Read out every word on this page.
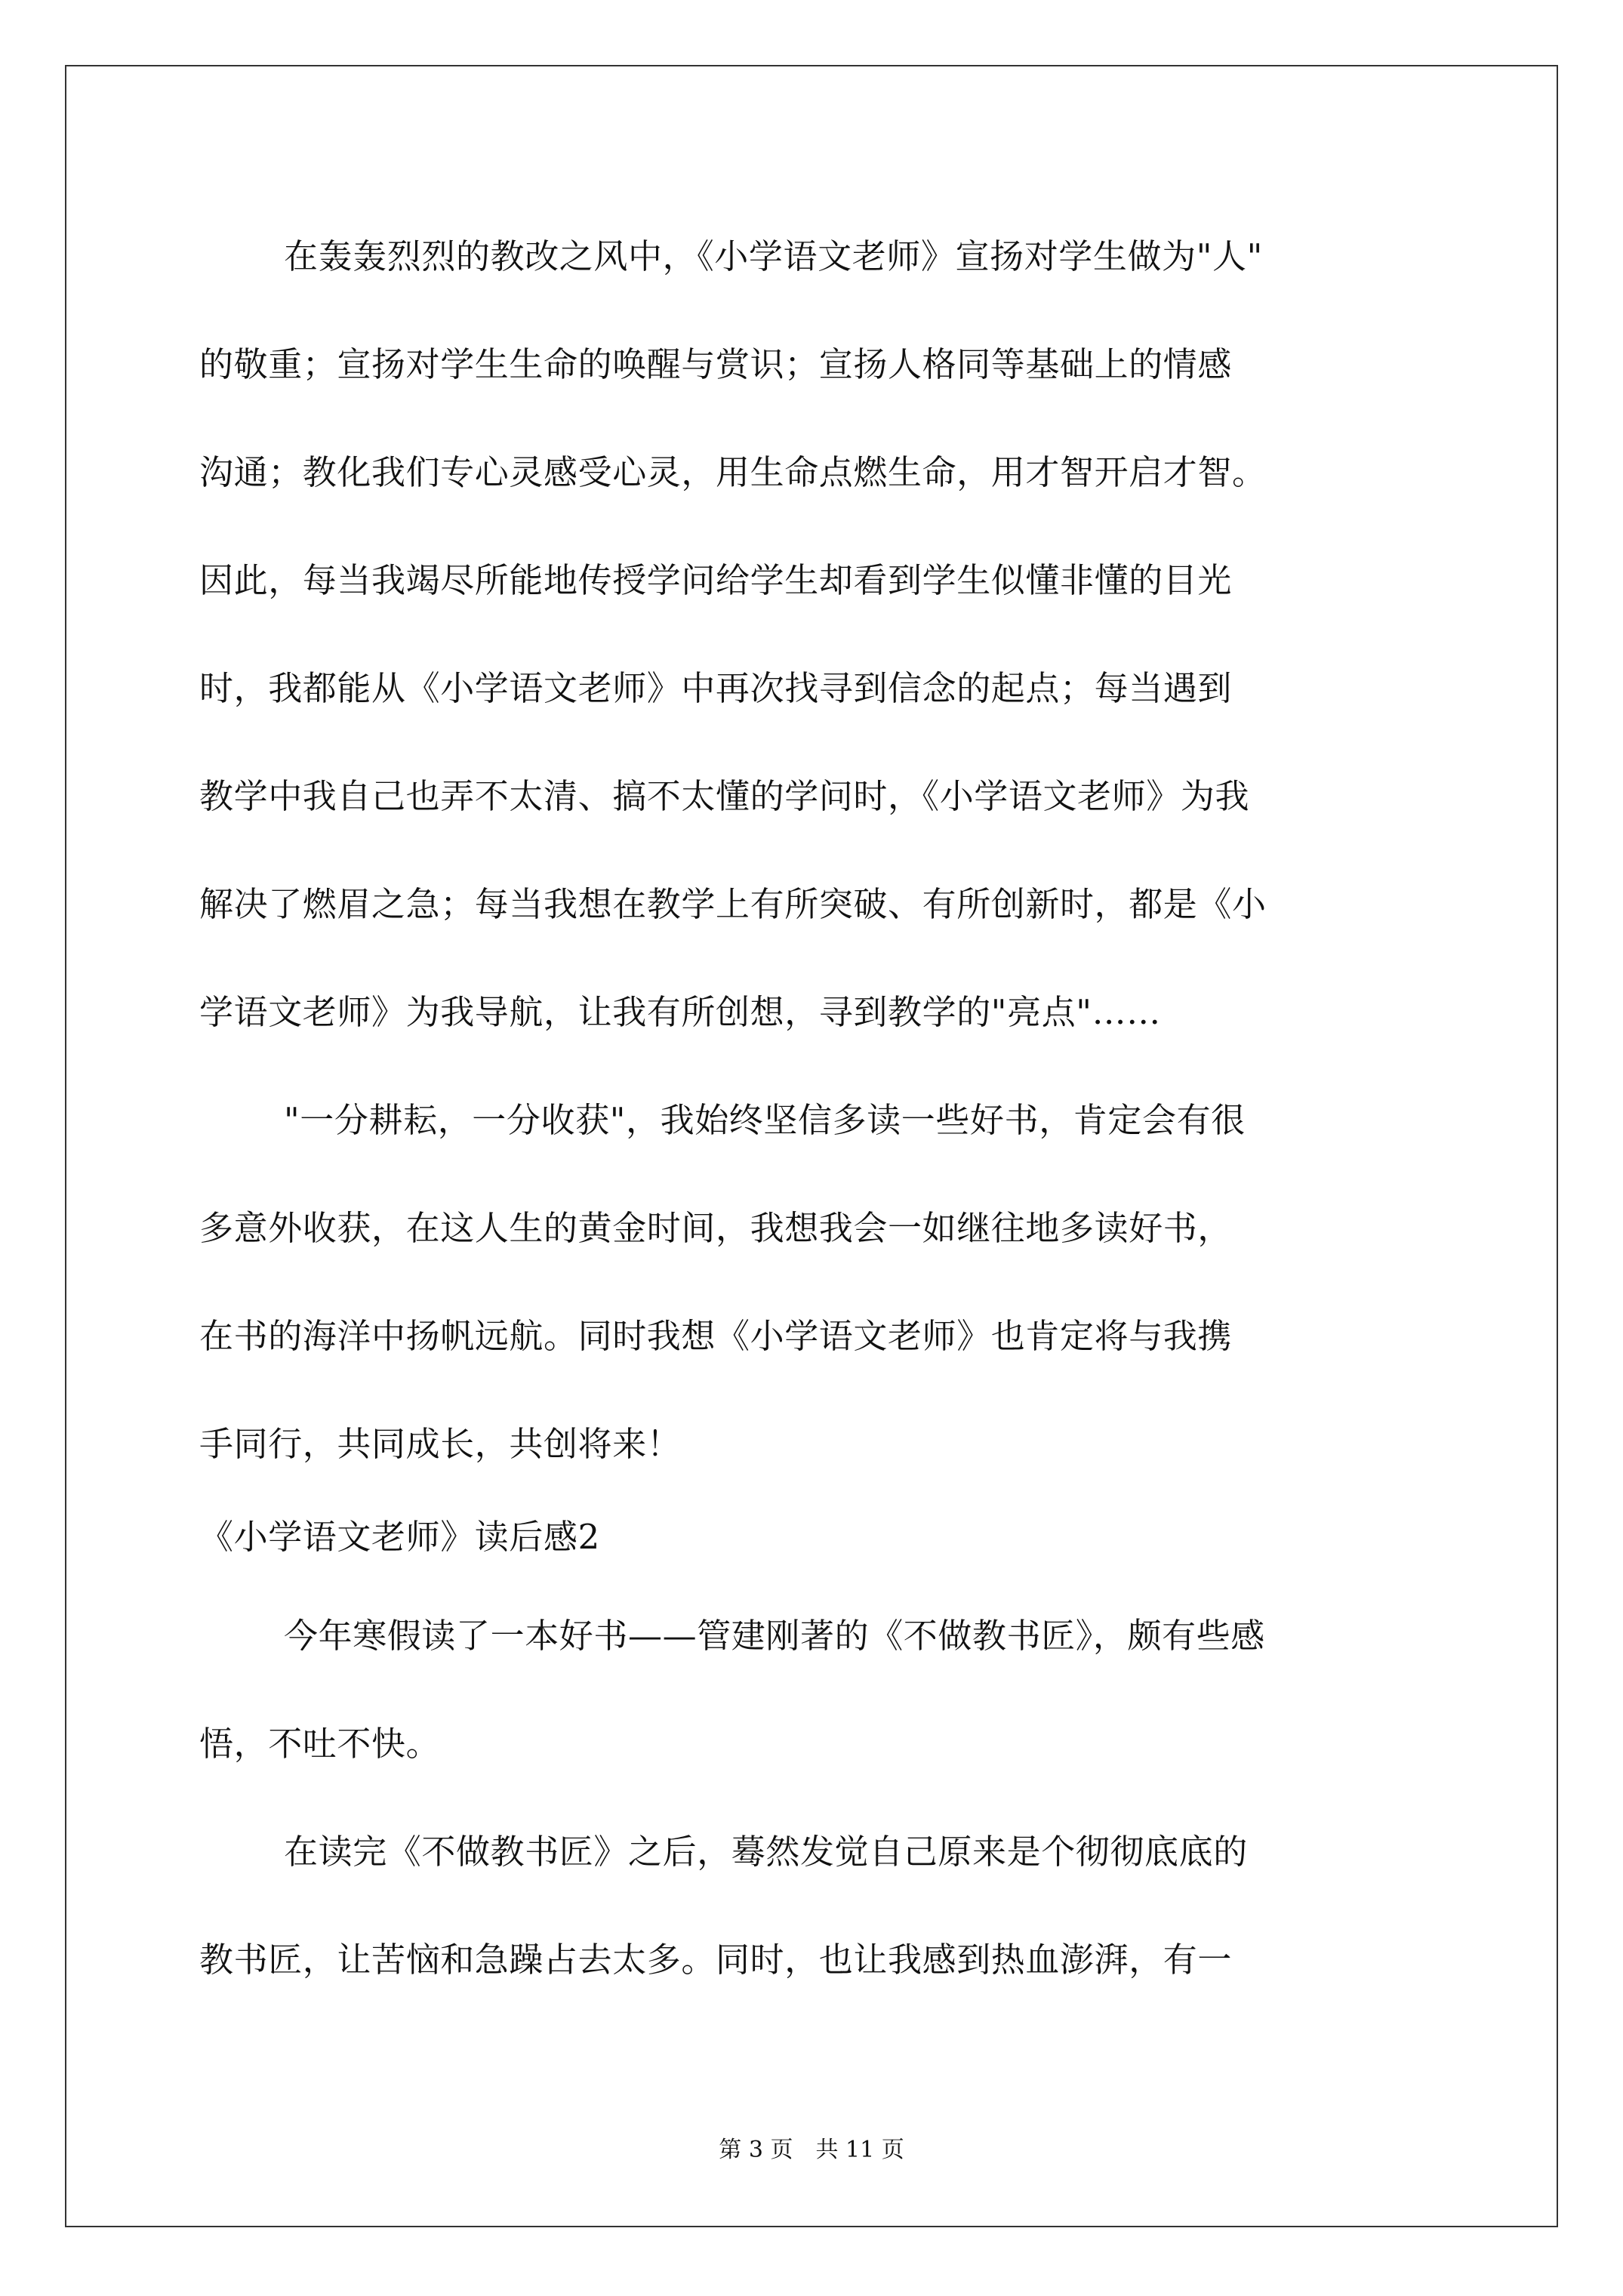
在轰轰烈烈的教改之风中，《小学语文老师》宣扬对学生做为"人"
的敬重；宣扬对学生生命的唤醒与赏识；宣扬人格同等基础上的情感
沟通；教化我们专心灵感受心灵，用生命点燃生命，用才智开启才智。
因此，每当我竭尽所能地传授学问给学生却看到学生似懂非懂的目光
时，我都能从《小学语文老师》中再次找寻到信念的起点；每当遇到
教学中我自己也弄不太清、搞不太懂的学问时，《小学语文老师》为我
解决了燃眉之急；每当我想在教学上有所突破、有所创新时，都是《小
学语文老师》为我导航，让我有所创想，寻到教学的"亮点"……
"一分耕耘，一分收获"，我始终坚信多读一些好书，肯定会有很
多意外收获，在这人生的黄金时间，我想我会一如继往地多读好书，
在书的海洋中扬帆远航。同时我想《小学语文老师》也肯定将与我携
手同行，共同成长，共创将来！
《小学语文老师》读后感2
今年寒假读了一本好书——管建刚著的《不做教书匠》，颇有些感
悟，不吐不快。
在读完《不做教书匠》之后，蓦然发觉自己原来是个彻彻底底的
教书匠，让苦恼和急躁占去太多。同时，也让我感到热血澎湃，有一
第 3 页　共 11 页
